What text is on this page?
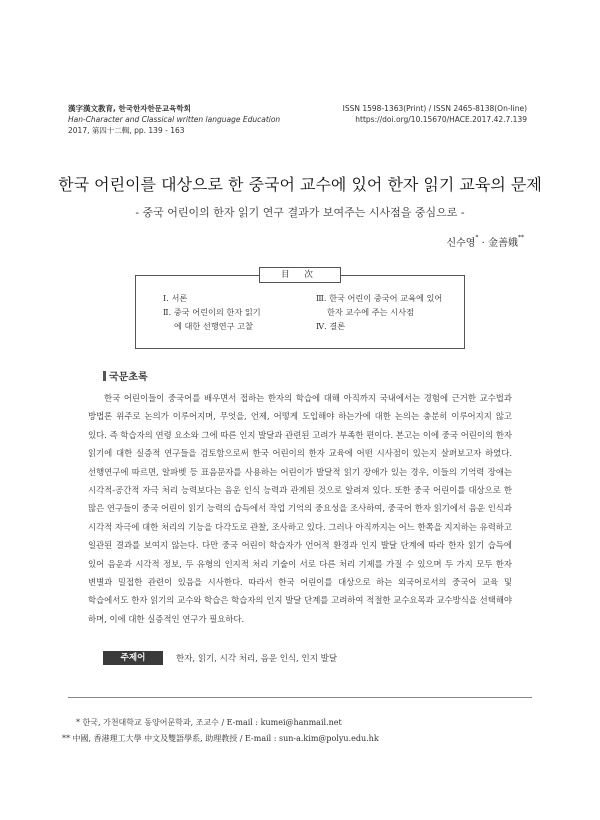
漢字漢文教育, 한국한자한문교육학회
Han-Character and Classical written language Education
2017, 第四十二輯, pp. 139 - 163
ISSN 1598-1363(Print) / ISSN 2465-8138(On-line)
https://doi.org/10.15670/HACE.2017.42.7.139
한국 어린이를 대상으로 한 중국어 교수에 있어 한자 읽기 교육의 문제
- 중국 어린이의 한자 읽기 연구 결과가 보여주는 시사점을 중심으로 -
신수영* · 金善娥**
目 次
Ⅰ. 서론
Ⅱ. 중국 어린이의 한자 읽기
에 대한 선행연구 고찰
Ⅲ. 한국 어린이 중국어 교육에 있어
한자 교수에 주는 시사점
Ⅳ. 결론
국문초록

한국 어린이들이 중국어를 배우면서 접하는 한자의 학습에 대해 아직까지 국내에서는 경험에 근거한 교수법과 방법론 위주로 논의가 이루어지며, 무엇을, 언제, 어떻게 도입해야 하는가에 대한 논의는 충분히 이루어지지 않고 있다. 즉 학습자의 연령 요소와 그에 따른 인지 발달과 관련된 고려가 부족한 편이다. 본고는 이에 중국 어린이의 한자 읽기에 대한 실증적 연구들을 검토함으로써 한국 어린이의 한자 교육에 어떤 시사점이 있는지 살펴보고자 하였다. 선행연구에 따르면, 알파벳 등 표음문자를 사용하는 어린이가 발달적 읽기 장애가 있는 경우, 이들의 기억력 장애는 시각적-공간적 자극 처리 능력보다는 음운 인식 능력과 관계된 것으로 알려져 있다. 또한 중국 어린이를 대상으로 한 많은 연구들이 중국 어린이 읽기 능력의 습득에서 작업 기억의 중요성을 조사하여, 중국어 한자 읽기에서 음운 인식과 시각적 자극에 대한 처리의 기능을 다각도로 관찰, 조사하고 있다. 그러나 아직까지는 어느 한쪽을 지지하는 유력하고 일관된 결과를 보여지 않는다. 다만 중국 어린이 학습자가 언어적 환경과 인지 발달 단계에 따라 한자 읽기 습득에 있어 음운과 시각적 정보, 두 유형의 인지적 처리 기술이 서로 다른 처리 기제를 가질 수 있으며 두 가지 모두 한자 변별과 밀접한 관련이 있음을 시사한다. 따라서 한국 어린이를 대상으로 하는 외국어로서의 중국어 교육 및 학습에서도 한자 읽기의 교수와 학습은 학습자의 인지 발달 단계를 고려하여 적절한 교수요목과 교수방식을 선택해야 하며, 이에 대한 실증적인 연구가 필요하다.

주제어	한자, 읽기, 시각 처리, 음운 인식, 인지 발달
* 한국, 가천대학교 동양어문학과, 조교수 / E-mail : kumei@hanmail.net
** 中國, 香港理工大學 中文及雙語學系, 助理教授 / E-mail : sun-a.kim@polyu.edu.hk
